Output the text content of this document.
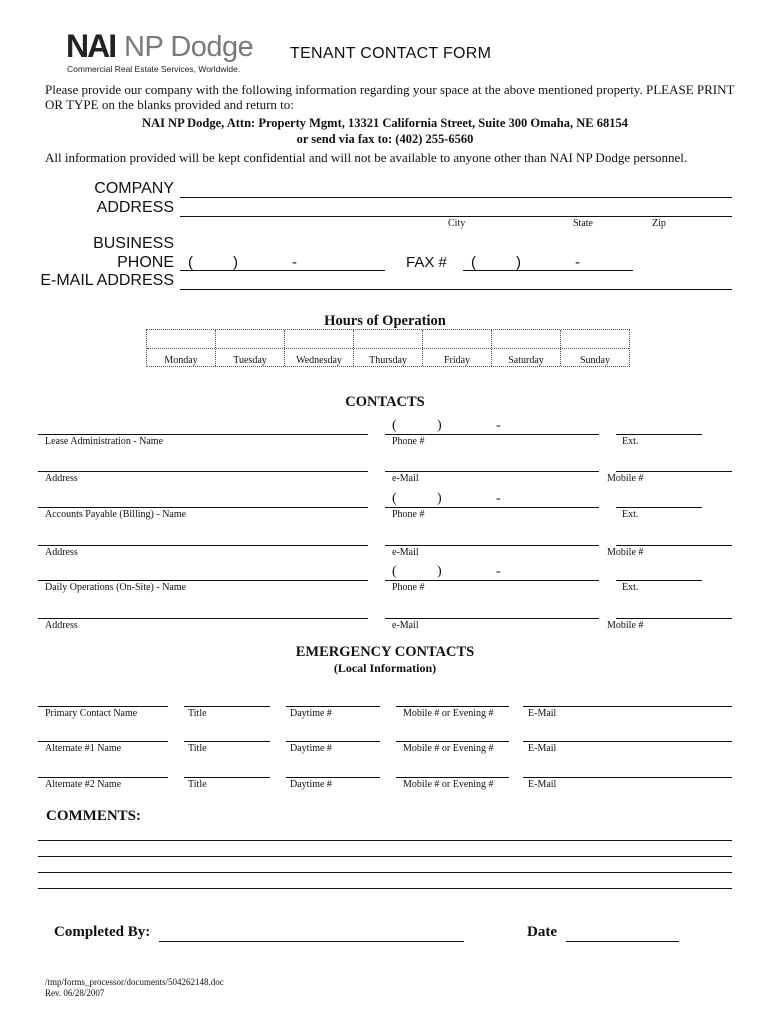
NAI NP Dodge
Commercial Real Estate Services, Worldwide.
TENANT CONTACT FORM
Please provide our company with the following information regarding your space at the above mentioned property. PLEASE PRINT OR TYPE on the blanks provided and return to:
NAI NP Dodge, Attn: Property Mgmt, 13321 California Street, Suite 300 Omaha, NE 68154
or send via fax to: (402) 255-6560
All information provided will be kept confidential and will not be available to anyone other than NAI NP Dodge personnel.
COMPANY
ADDRESS
City	State	Zip
BUSINESS
PHONE (	)	-	FAX # (	)	-
E-MAIL ADDRESS
Hours of Operation
Monday	Tuesday	Wednesday	Thursday	Friday	Saturday	Sunday
CONTACTS
(	)	-
Lease Administration - Name	Phone #	Ext.
Address	e-Mail	Mobile #
(	)	-
Accounts Payable (Billing) - Name	Phone #	Ext.
Address	e-Mail	Mobile #
(	)	-
Daily Operations (On-Site) - Name	Phone #	Ext.
Address	e-Mail	Mobile #
EMERGENCY CONTACTS
(Local Information)
Primary Contact Name	Title	Daytime #	Mobile # or Evening #	E-Mail
Alternate #1 Name	Title	Daytime #	Mobile # or Evening #	E-Mail
Alternate #2 Name	Title	Daytime #	Mobile # or Evening #	E-Mail
COMMENTS:
Completed By:	Date
/tmp/forms_processor/documents/504262148.doc
Rev. 06/28/2007
